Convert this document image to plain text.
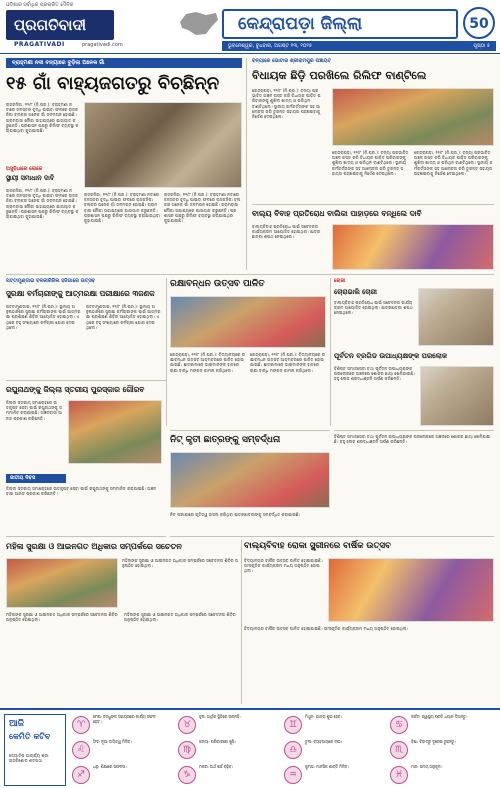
ଓଡ଼ିଶାର ସର୍ବାଧିକ ପ୍ରଚାରିତ ଦୈନିକ
ପ୍ରଗତିବାଦୀ
PRAGATIVADI	pragativadi.com
କେନ୍ଦ୍ରାପଡ଼ା ଜିଲ୍ଲା	50
ଭୁବନେଶ୍ୱର, ବୁଧବାର, ଅଗଷ୍ଟ ୧୩, ୨୦୨୫	ପୃଷ୍ଠା ୫
ବ୍ରାହ୍ମଣୀ ନଦୀ ବନ୍ୟାରେ ବୁଡ଼ିଲା ଅନେକ ଗାଁ
୧୫ ଗାଁ ବାହ୍ୟଜଗତରୁ ବିଚ୍ଛିନ୍ନ
ରାଜକନିକା, ୧୨/୮ (ନି.ପ୍ର.): ବ୍ରାହ୍ମଣୀ ନଦୀରେ ଜଳସ୍ତର ବୃଦ୍ଧି ପାଇବା ଫଳରେ ରାଜକନିକା ବ୍ଲକର ଅନେକ ଗାଁ ଜଳମଗ୍ନ ହୋଇଛି। ଗ୍ରାମବାସୀ ନୌକା ସାହାଯ୍ୟରେ ଯାତାୟାତ କରୁଛନ୍ତି। ପ୍ରଶାସନ ପକ୍ଷରୁ ରିଲିଫ ବ୍ୟବସ୍ଥା କରାଯାଇଥିବା କୁହାଯାଉଛି।
ଅସୁବିଧାରେ ଲୋକେ
ସ୍ଥାୟୀ ସମାଧାନ ଦାବି
ରାଜକନିକା, ୧୨/୮ (ନି.ପ୍ର.): ବ୍ରାହ୍ମଣୀ ନଦୀରେ ଜଳସ୍ତର ବୃଦ୍ଧି ପାଇବା ଫଳରେ ରାଜକନିକା ବ୍ଲକର ଅନେକ ଗାଁ ଜଳମଗ୍ନ ହୋଇଛି। ଗ୍ରାମବାସୀ ନୌକା ସାହାଯ୍ୟରେ ଯାତାୟାତ କରୁଛନ୍ତି। ପ୍ରଶାସନ ପକ୍ଷରୁ ରିଲିଫ ବ୍ୟବସ୍ଥା କରାଯାଇଥିବା କୁହାଯାଉଛି।
ରାଜକନିକା, ୧୨/୮ (ନି.ପ୍ର.): ବ୍ରାହ୍ମଣୀ ନଦୀରେ ଜଳସ୍ତର ବୃଦ୍ଧି ପାଇବା ଫଳରେ ରାଜକନିକା ବ୍ଲକର ଅନେକ ଗାଁ ଜଳମଗ୍ନ ହୋଇଛି। ଗ୍ରାମବାସୀ ନୌକା ସାହାଯ୍ୟରେ ଯାତାୟାତ କରୁଛନ୍ତି। ପ୍ରଶାସନ ପକ୍ଷରୁ ରିଲିଫ ବ୍ୟବସ୍ଥା କରାଯାଇଥିବା କୁହାଯାଉଛି।
ରାଜକନିକା, ୧୨/୮ (ନି.ପ୍ର.): ବ୍ରାହ୍ମଣୀ ନଦୀରେ ଜଳସ୍ତର ବୃଦ୍ଧି ପାଇବା ଫଳରେ ରାଜକନିକା ବ୍ଲକର ଅନେକ ଗାଁ ଜଳମଗ୍ନ ହୋଇଛି। ଗ୍ରାମବାସୀ ନୌକା ସାହାଯ୍ୟରେ ଯାତାୟାତ କରୁଛନ୍ତି। ପ୍ରଶାସନ ପକ୍ଷରୁ ରିଲିଫ ବ୍ୟବସ୍ଥା କରାଯାଇଥିବା କୁହାଯାଉଛି।
ବନ୍ୟାରେ ଭୋଟାର ଶ୍ରୀରାମପୁର ପଞ୍ଚାୟତ
ବିଧାୟକ ଛିଡ଼ି ପରଖିଲେ ରିଲିଫ ବାଣ୍ଟିଲେ
କେନ୍ଦ୍ରାପଡ଼ା, ୧୨/୮ (ନି.ପ୍ର.): ବନ୍ୟା ପ୍ରଭାବିତ ଅଞ୍ଚଳ ଗସ୍ତ କରି ବିଧାୟକ ପୀଡ଼ିତ ପରିବାରଙ୍କୁ ଶୁଖିଲା ଖାଦ୍ୟ ଓ ପଲିଥିନ ବାଣ୍ଟିଥିଲେ। ସ୍ଥାନୀୟ କର୍ମକର୍ତ୍ତାଙ୍କ ସହ ଆଲୋଚନା କରି ତୁରନ୍ତ ସହାୟତା ପହଞ୍ଚାଇବାକୁ ନିର୍ଦ୍ଦେଶ ଦେଇଥିଲେ।
କେନ୍ଦ୍ରାପଡ଼ା, ୧୨/୮ (ନି.ପ୍ର.): ବନ୍ୟା ପ୍ରଭାବିତ ଅଞ୍ଚଳ ଗସ୍ତ କରି ବିଧାୟକ ପୀଡ଼ିତ ପରିବାରଙ୍କୁ ଶୁଖିଲା ଖାଦ୍ୟ ଓ ପଲିଥିନ ବାଣ୍ଟିଥିଲେ। ସ୍ଥାନୀୟ କର୍ମକର୍ତ୍ତାଙ୍କ ସହ ଆଲୋଚନା କରି ତୁରନ୍ତ ସହାୟତା ପହଞ୍ଚାଇବାକୁ ନିର୍ଦ୍ଦେଶ ଦେଇଥିଲେ।
କେନ୍ଦ୍ରାପଡ଼ା, ୧୨/୮ (ନି.ପ୍ର.): ବନ୍ୟା ପ୍ରଭାବିତ ଅଞ୍ଚଳ ଗସ୍ତ କରି ବିଧାୟକ ପୀଡ଼ିତ ପରିବାରଙ୍କୁ ଶୁଖିଲା ଖାଦ୍ୟ ଓ ପଲିଥିନ ବାଣ୍ଟିଥିଲେ। ସ୍ଥାନୀୟ କର୍ମକର୍ତ୍ତାଙ୍କ ସହ ଆଲୋଚନା କରି ତୁରନ୍ତ ସହାୟତା ପହଞ୍ଚାଇବାକୁ ନିର୍ଦ୍ଦେଶ ଦେଇଥିଲେ।
ବାଲ୍ୟ ବିବାହ ପ୍ରତିରୋଧ ବାଲିକା ପାହାଡ଼ରେ ବନ୍ଧିଲେ ଦାବି
ବାଲ୍ୟବିବାହ ପ୍ରତିରୋଧ ପାଇଁ ସଚେତନତା କାର୍ଯ୍ୟକ୍ରମ ଆୟୋଜିତ ହୋଇଥିଲା। ଛାତ୍ରଛାତ୍ରୀ ଶପଥ ନେଇଥିଲେ।
ପଟ୍ଟାମୁଣ୍ଡାଇ ବଳକୀରିଜିଲ ହଜିଗାରେ ଉତ୍ସବ
ସୁରକ୍ଷା ବର୍ମଚାରୀଙ୍କୁ ଆତ୍ମରକ୍ଷା ପରୀକ୍ଷାରେ ୩ଜଣକ
ପଟ୍ଟାମୁଣ୍ଡାଇ, ୧୨/୮ (ନି.ପ୍ର.): ସ୍ଥାନୀୟ ଅନୁଷ୍ଠାନରେ ସୁରକ୍ଷା କର୍ମଚାରୀଙ୍କ ପାଇଁ ଆତ୍ମରକ୍ଷା ପ୍ରଶିକ୍ଷଣ ଶିବିର ଆୟୋଜିତ ହୋଇଥିଲା। ଏଥିରେ ବହୁ ସଂଖ୍ୟାରେ କର୍ମଚାରୀ ଯୋଗ ଦେଇଥିଲେ।
ପଟ୍ଟାମୁଣ୍ଡାଇ, ୧୨/୮ (ନି.ପ୍ର.): ସ୍ଥାନୀୟ ଅନୁଷ୍ଠାନରେ ସୁରକ୍ଷା କର୍ମଚାରୀଙ୍କ ପାଇଁ ଆତ୍ମରକ୍ଷା ପ୍ରଶିକ୍ଷଣ ଶିବିର ଆୟୋଜିତ ହୋଇଥିଲା। ଏଥିରେ ବହୁ ସଂଖ୍ୟାରେ କର୍ମଚାରୀ ଯୋଗ ଦେଇଥିଲେ।
ରକ୍ଷାବନ୍ଧନ ଉତ୍ସବ ପାଳିତ
କେନ୍ଦ୍ରାପଡ଼ା, ୧୨/୮ (ନି.ପ୍ର.): ବିଦ୍ୟାଳୟରେ ରକ୍ଷାବନ୍ଧନ ଉତ୍ସବ ଆଡ଼ମ୍ବରରେ ପାଳିତ ହୋଇଯାଇଛି। ଛାତ୍ରୀମାନେ ଭାଇମାନଙ୍କ ହାତରେ ରାକ୍ଷୀ ବାନ୍ଧି ମଙ୍ଗଳ କାମନା କରିଥିଲେ।
କେନ୍ଦ୍ରାପଡ଼ା, ୧୨/୮ (ନି.ପ୍ର.): ବିଦ୍ୟାଳୟରେ ରକ୍ଷାବନ୍ଧନ ଉତ୍ସବ ଆଡ଼ମ୍ବରରେ ପାଳିତ ହୋଇଯାଇଛି। ଛାତ୍ରୀମାନେ ଭାଇମାନଙ୍କ ହାତରେ ରାକ୍ଷୀ ବାନ୍ଧି ମଙ୍ଗଳ କାମନା କରିଥିଲେ।
ଚୋରୀ
ଚୋରାଭାଲି ଚୋରୀ
ବାଲ୍ୟବିବାହ ପ୍ରତିରୋଧ ପାଇଁ ସଚେତନତା କାର୍ଯ୍ୟକ୍ରମ ଆୟୋଜିତ ହୋଇଥିଲା। ଛାତ୍ରଛାତ୍ରୀ ଶପଥ ନେଇଥିଲେ।
ପୂର୍ବତନ ବ୍ରଗିଡ ଉପାଧ୍ୟକ୍ଷଙ୍କ ପରଲୋକ
ବିଶିଷ୍ଟ ସମାଜସେବୀ ତଥା ପୂର୍ବତନ ଉପାଧ୍ୟକ୍ଷଙ୍କ ପରଲୋକରେ ଅଞ୍ଚଳରେ ଶୋକର ଛାୟା ଖେଳିଯାଇଛି। ବହୁ ଲୋକ ଶ୍ରଦ୍ଧାଞ୍ଜଳି ଅର୍ପଣ କରିଛନ୍ତି।
ରଘୁନାଥଙ୍କୁ ଜିଲ୍ଲା ସ୍ତରୀୟ ପୁରସ୍କାର ଗୌରବ
ଜିଲ୍ଲା ସ୍ତରୀୟ ସମାରୋହରେ ଉତ୍କୃଷ୍ଟ ସେବା ପାଇଁ ରଘୁନାଥଙ୍କୁ ସମ୍ମାନିତ କରାଯାଇଛି। ଅଞ୍ଚଳବାସୀ ଆନନ୍ଦ ପ୍ରକାଶ କରିଛନ୍ତି।
ଜାତୀୟ ଦିବସ
ଜିଲ୍ଲା ସ୍ତରୀୟ ସମାରୋହରେ ଉତ୍କୃଷ୍ଟ ସେବା ପାଇଁ ରଘୁନାଥଙ୍କୁ ସମ୍ମାନିତ କରାଯାଇଛି। ଅଞ୍ଚଳବାସୀ ଆନନ୍ଦ ପ୍ରକାଶ କରିଛନ୍ତି।
ନିଟ୍ କୃତୀ ଛାତ୍ରଙ୍କୁ ସମ୍ବର୍ଦ୍ଧନା
ନିଟ୍ ପରୀକ୍ଷାରେ କୃତିତ୍ୱ ହାସଲ କରିଥିବା ଛାତ୍ରଛାତ୍ରୀଙ୍କୁ ସମ୍ବର୍ଦ୍ଧିତ କରାଯାଇଛି।
ବିଶିଷ୍ଟ ସମାଜସେବୀ ତଥା ପୂର୍ବତନ ଉପାଧ୍ୟକ୍ଷଙ୍କ ପରଲୋକରେ ଅଞ୍ଚଳରେ ଶୋକର ଛାୟା ଖେଳିଯାଇଛି। ବହୁ ଲୋକ ଶ୍ରଦ୍ଧାଞ୍ଜଳି ଅର୍ପଣ କରିଛନ୍ତି।
ବାଲ୍ୟବିବାହ ରୋକା ସ୍କ୍ରୀନରେ ବାର୍ଷିକ ଉତ୍ସବ
ବିଦ୍ୟାଳୟର ବାର୍ଷିକ ଉତ୍ସବ ପାଳିତ ହୋଇଯାଇଛି। ସାଂସ୍କୃତିକ କାର୍ଯ୍ୟକ୍ରମ ମଧ୍ୟ ଅନୁଷ୍ଠିତ ହୋଇଥିଲା।
ବିଦ୍ୟାଳୟର ବାର୍ଷିକ ଉତ୍ସବ ପାଳିତ ହୋଇଯାଇଛି। ସାଂସ୍କୃତିକ କାର୍ଯ୍ୟକ୍ରମ ମଧ୍ୟ ଅନୁଷ୍ଠିତ ହୋଇଥିଲା।
ମହିଳା ସୁରକ୍ଷା ଓ ଆଇନଗତ ଅଧିକାର ସମ୍ପର୍କରେ ସଚେତନ
ମହିଳାଙ୍କ ସୁରକ୍ଷା ଓ ଆଇନଗତ ଅଧିକାର ସମ୍ପର୍କରେ ସଚେତନତା ଶିବିର ଅନୁଷ୍ଠିତ ହୋଇଥିଲା।
ମହିଳାଙ୍କ ସୁରକ୍ଷା ଓ ଆଇନଗତ ଅଧିକାର ସମ୍ପର୍କରେ ସଚେତନତା ଶିବିର ଅନୁଷ୍ଠିତ ହୋଇଥିଲା।
ମହିଳାଙ୍କ ସୁରକ୍ଷା ଓ ଆଇନଗତ ଅଧିକାର ସମ୍ପର୍କରେ ସଚେତନତା ଶିବିର ଅନୁଷ୍ଠିତ ହୋଇଥିଲା।
ଆଜି
କେମିତି କଟିବ
ଜ୍ୟୋତିଷ ଆଚାର୍ଯ୍ୟ ଶ୍ରୀ ରାଜକିଶୋର ଶତପଥୀ
♈
ମେଷ: ବନ୍ଧୁଙ୍କ ସହାୟତାରେ କାର୍ଯ୍ୟ ସଫଳ ହେବ।	♉
ବୃଷ: ଆର୍ଥିକ ସ୍ଥିତିରେ ଉନ୍ନତି।
♊
ମିଥୁନ: ଯାତ୍ରା ଶୁଭ ହେବ।
♋
କର୍କଟ: ସ୍ୱାସ୍ଥ୍ୟ ପ୍ରତି ଧ୍ୟାନ ଦିଅନ୍ତୁ।
♌
ସିଂହ: ନୂଆ ଦାୟିତ୍ୱ ମିଳିବ।
♍
କନ୍ୟା: ପରିବାରରେ ଖୁସି।
♎
ତୁଳା: ବ୍ୟବସାୟରେ ଲାଭ।
♏
ବିଛା: ବିବାଦରୁ ଦୂରେଇ ରୁହନ୍ତୁ।
♐
ଧନୁ: ଶିକ୍ଷାରେ ସଫଳତା।
♑
ମକର: ଅର୍ଥ ଖର୍ଚ୍ଚ ବଢ଼ିବ।
♒
କୁମ୍ଭ: ମାନସିକ ଶାନ୍ତି ମିଳିବ।
♓
ମୀନ: ସମୟ ଅନୁକୂଳ।
